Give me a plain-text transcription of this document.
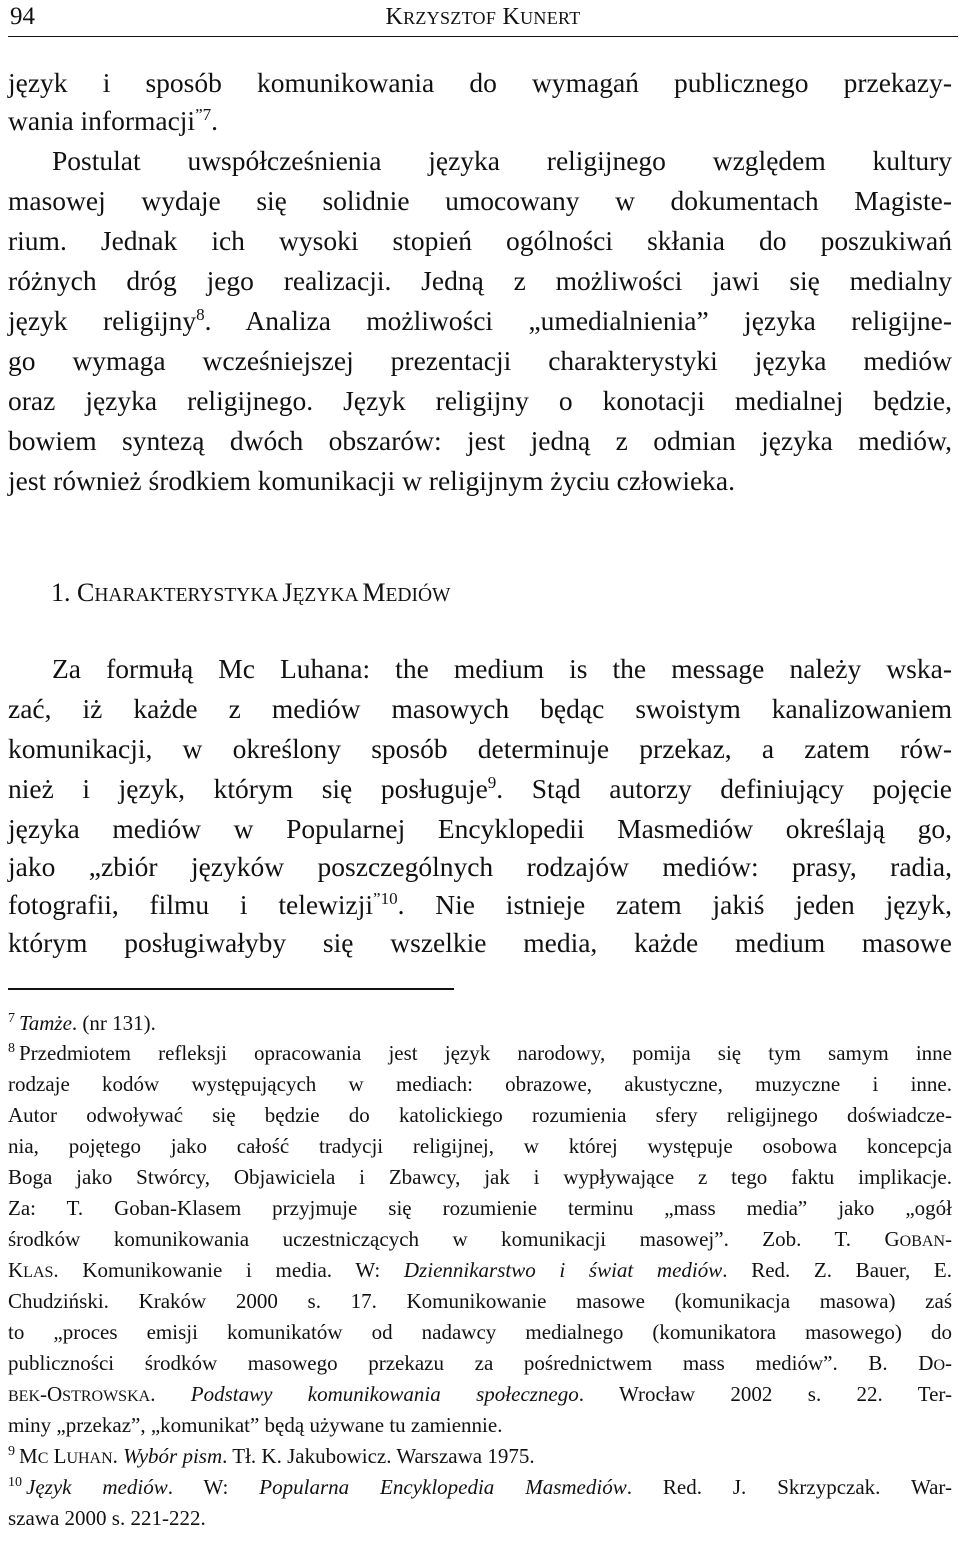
94	KRZYSZTOF KUNERT
język i sposób komunikowania do wymagań publicznego przekazy-
wania informacji$^{”7}$.
Postulat uwspółcześnienia języka religijnego względem kultury
masowej wydaje się solidnie umocowany w dokumentach Magiste-
rium. Jednak ich wysoki stopień ogólności skłania do poszukiwań
różnych dróg jego realizacji. Jedną z możliwości jawi się medialny
język religijny$^8$. Analiza możliwości „umedialnienia” języka religijne-
go wymaga wcześniejszej prezentacji charakterystyki języka mediów
oraz języka religijnego. Język religijny o konotacji medialnej będzie,
bowiem syntezą dwóch obszarów: jest jedną z odmian języka mediów,
jest również środkiem komunikacji w religijnym życiu człowieka.
1. CHARAKTERYSTYKA JĘZYKA MEDIÓW
Za formułą Mc Luhana: the medium is the message należy wska-
zać, iż każde z mediów masowych będąc swoistym kanalizowaniem
komunikacji, w określony sposób determinuje przekaz, a zatem rów-
nież i język, którym się posługuje$^9$. Stąd autorzy definiujący pojęcie
języka mediów w Popularnej Encyklopedii Masmediów określają go,
jako „zbiór języków poszczególnych rodzajów mediów: prasy, radia,
fotografii, filmu i telewizji$^{”10}$. Nie istnieje zatem jakiś jeden język,
którym posługiwałyby się wszelkie media, każde medium masowe
$^7$ Tamże. (nr 131).
$^8$ Przedmiotem refleksji opracowania jest język narodowy, pomija się tym samym inne
rodzaje kodów występujących w mediach: obrazowe, akustyczne, muzyczne i inne.
Autor odwoływać się będzie do katolickiego rozumienia sfery religijnego doświadcze-
nia, pojętego jako całość tradycji religijnej, w której występuje osobowa koncepcja
Boga jako Stwórcy, Objawiciela i Zbawcy, jak i wypływające z tego faktu implikacje.
Za: T. Goban-Klasem przyjmuje się rozumienie terminu „mass media” jako „ogół
środków komunikowania uczestniczących w komunikacji masowej”. Zob. T. GOBAN-
KLAS. Komunikowanie i media. W: Dziennikarstwo i świat mediów. Red. Z. Bauer, E.
Chudziński. Kraków 2000 s. 17. Komunikowanie masowe (komunikacja masowa) zaś
to „proces emisji komunikatów od nadawcy medialnego (komunikatora masowego) do
publiczności środków masowego przekazu za pośrednictwem mass mediów”. B. DO-
BEK-OSTROWSKA. Podstawy komunikowania społecznego. Wrocław 2002 s. 22. Ter-
miny „przekaz”, „komunikat” będą używane tu zamiennie.
$^9$ MC LUHAN. Wybór pism. Tł. K. Jakubowicz. Warszawa 1975.
$^{10}$ Język mediów. W: Popularna Encyklopedia Masmediów. Red. J. Skrzypczak. War-
szawa 2000 s. 221-222.
